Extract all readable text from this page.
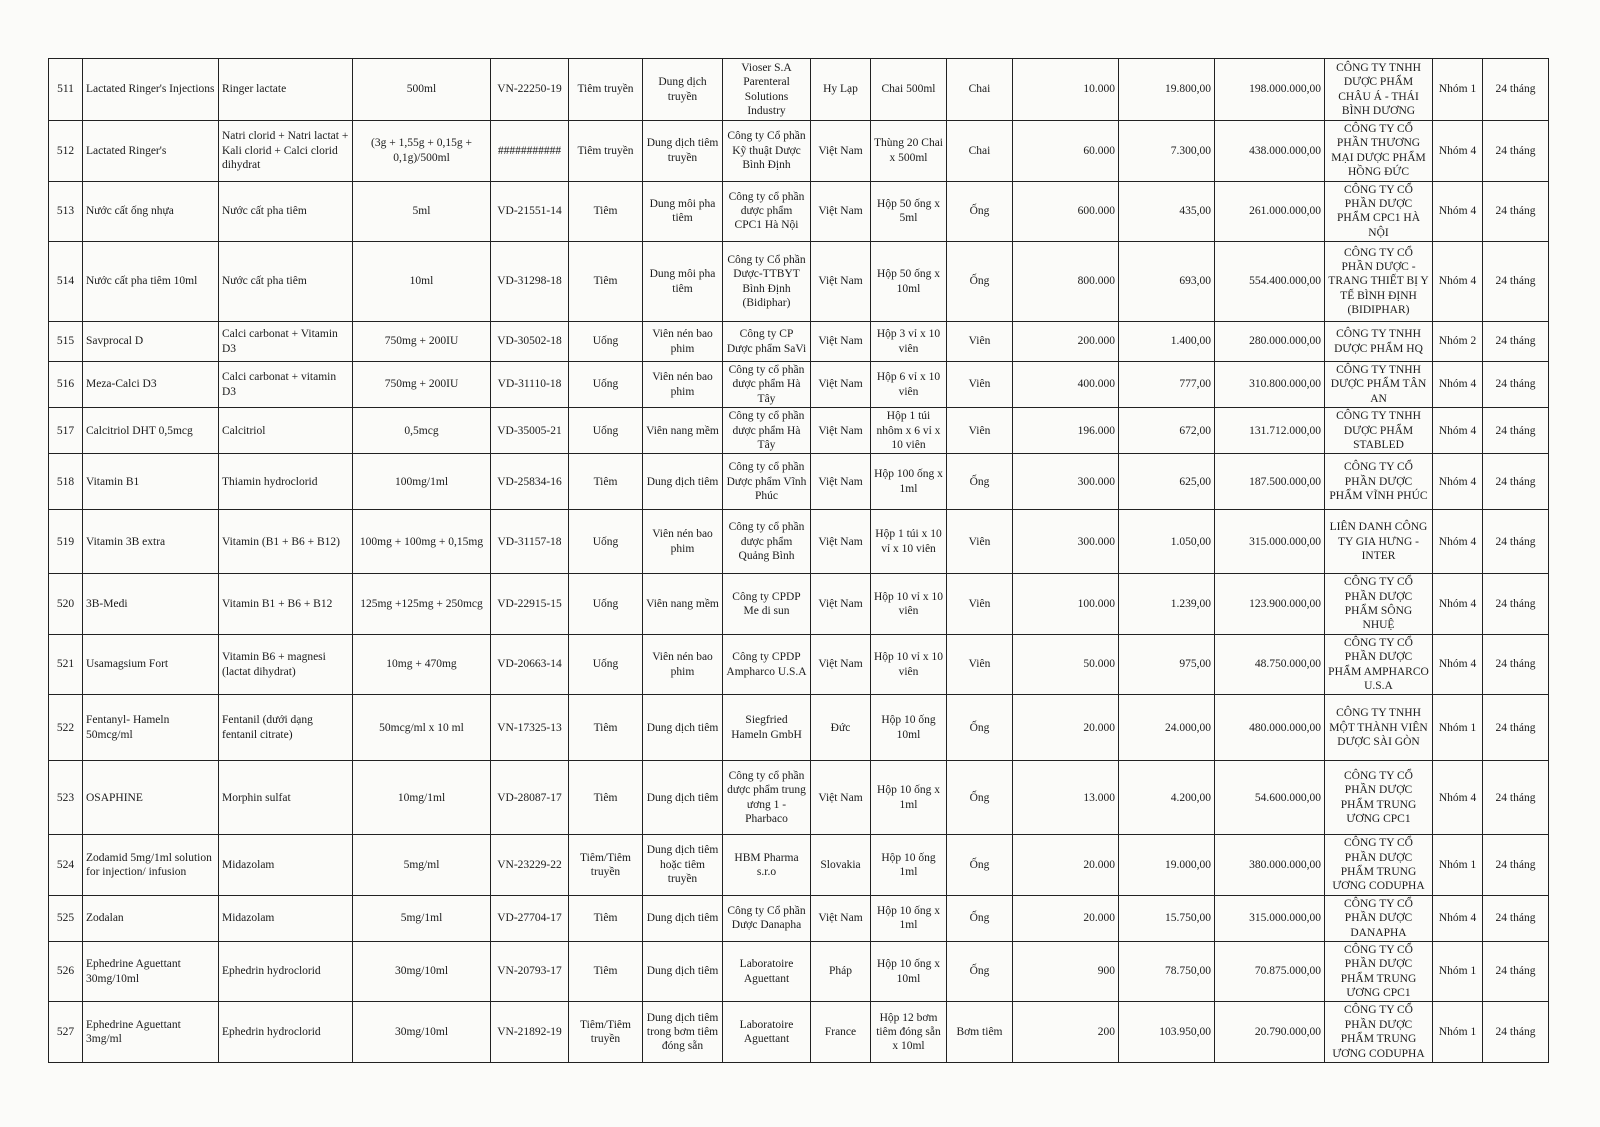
511	Lactated Ringer's Injections	Ringer lactate	500ml	VN-22250-19	Tiêm truyền	Dung dịch truyền	Vioser S.A Parenteral Solutions Industry	Hy Lạp	Chai 500ml	Chai	10.000	19.800,00	198.000.000,00	CÔNG TY TNHH DƯỢC PHẨM CHÂU Á - THÁI BÌNH DƯƠNG	Nhóm 1	24 tháng
512	Lactated Ringer's	Natri clorid + Natri lactat + Kali clorid + Calci clorid dihydrat	(3g + 1,55g + 0,15g + 0,1g)/500ml	###########	Tiêm truyền	Dung dịch tiêm truyền	Công ty Cổ phần Kỹ thuật Dược Bình Định	Việt Nam	Thùng 20 Chai x 500ml	Chai	60.000	7.300,00	438.000.000,00	CÔNG TY CỔ PHẦN THƯƠNG MẠI DƯỢC PHẨM HỒNG ĐỨC	Nhóm 4	24 tháng
513	Nước cất ống nhựa	Nước cất pha tiêm	5ml	VD-21551-14	Tiêm	Dung môi pha tiêm	Công ty cổ phần dược phẩm CPC1 Hà Nội	Việt Nam	Hộp 50 ống x 5ml	Ống	600.000	435,00	261.000.000,00	CÔNG TY CỔ PHẦN DƯỢC PHẨM CPC1 HÀ NỘI	Nhóm 4	24 tháng
514	Nước cất pha tiêm 10ml	Nước cất pha tiêm	10ml	VD-31298-18	Tiêm	Dung môi pha tiêm	Công ty Cổ phần Dược-TTBYT Bình Định (Bidiphar)	Việt Nam	Hộp 50 ống x 10ml	Ống	800.000	693,00	554.400.000,00	CÔNG TY CỔ PHẦN DƯỢC - TRANG THIẾT BỊ Y TẾ BÌNH ĐỊNH (BIDIPHAR)	Nhóm 4	24 tháng
515	Savprocal D	Calci carbonat + Vitamin D3	750mg + 200IU	VD-30502-18	Uống	Viên nén bao phim	Công ty CP Dược phẩm SaVi	Việt Nam	Hộp 3 vỉ x 10 viên	Viên	200.000	1.400,00	280.000.000,00	CÔNG TY TNHH DƯỢC PHẨM HQ	Nhóm 2	24 tháng
516	Meza-Calci D3	Calci carbonat + vitamin D3	750mg + 200IU	VD-31110-18	Uống	Viên nén bao phim	Công ty cổ phần dược phẩm Hà Tây	Việt Nam	Hộp 6 vỉ x 10 viên	Viên	400.000	777,00	310.800.000,00	CÔNG TY TNHH DƯỢC PHẨM TÂN AN	Nhóm 4	24 tháng
517	Calcitriol DHT 0,5mcg	Calcitriol	0,5mcg	VD-35005-21	Uống	Viên nang mềm	Công ty cổ phần dược phẩm Hà Tây	Việt Nam	Hộp 1 túi nhôm x 6 vỉ x 10 viên	Viên	196.000	672,00	131.712.000,00	CÔNG TY TNHH DƯỢC PHẨM STABLED	Nhóm 4	24 tháng
518	Vitamin B1	Thiamin hydroclorid	100mg/1ml	VD-25834-16	Tiêm	Dung dịch tiêm	Công ty cổ phần Dược phẩm Vĩnh Phúc	Việt Nam	Hộp 100 ống x 1ml	Ống	300.000	625,00	187.500.000,00	CÔNG TY CỔ PHẦN DƯỢC PHẨM VĨNH PHÚC	Nhóm 4	24 tháng
519	Vitamin 3B extra	Vitamin (B1 + B6 + B12)	100mg + 100mg + 0,15mg	VD-31157-18	Uống	Viên nén bao phim	Công ty cổ phần dược phẩm Quảng Bình	Việt Nam	Hộp 1 túi x 10 vỉ x 10 viên	Viên	300.000	1.050,00	315.000.000,00	LIÊN DANH CÔNG TY GIA HƯNG - INTER	Nhóm 4	24 tháng
520	3B-Medi	Vitamin B1 + B6 + B12	125mg +125mg + 250mcg	VD-22915-15	Uống	Viên nang mềm	Công ty CPDP Me di sun	Việt Nam	Hộp 10 vỉ x 10 viên	Viên	100.000	1.239,00	123.900.000,00	CÔNG TY CỔ PHẦN DƯỢC PHẨM SÔNG NHUỆ	Nhóm 4	24 tháng
521	Usamagsium Fort	Vitamin B6 + magnesi (lactat dihydrat)	10mg + 470mg	VD-20663-14	Uống	Viên nén bao phim	Công ty CPDP Ampharco U.S.A	Việt Nam	Hộp 10 vỉ x 10 viên	Viên	50.000	975,00	48.750.000,00	CÔNG TY CỔ PHẦN DƯỢC PHẨM AMPHARCO U.S.A	Nhóm 4	24 tháng
522	Fentanyl- Hameln 50mcg/ml	Fentanil (dưới dạng fentanil citrate)	50mcg/ml x 10 ml	VN-17325-13	Tiêm	Dung dịch tiêm	Siegfried Hameln GmbH	Đức	Hộp 10 ống 10ml	Ống	20.000	24.000,00	480.000.000,00	CÔNG TY TNHH MỘT THÀNH VIÊN DƯỢC SÀI GÒN	Nhóm 1	24 tháng
523	OSAPHINE	Morphin sulfat	10mg/1ml	VD-28087-17	Tiêm	Dung dịch tiêm	Công ty cổ phần dược phẩm trung ương 1 - Pharbaco	Việt Nam	Hộp 10 ống x 1ml	Ống	13.000	4.200,00	54.600.000,00	CÔNG TY CỔ PHẦN DƯỢC PHẨM TRUNG ƯƠNG CPC1	Nhóm 4	24 tháng
524	Zodamid 5mg/1ml solution for injection/ infusion	Midazolam	5mg/ml	VN-23229-22	Tiêm/Tiêm truyền	Dung dịch tiêm hoặc tiêm truyền	HBM Pharma s.r.o	Slovakia	Hộp 10 ống 1ml	Ống	20.000	19.000,00	380.000.000,00	CÔNG TY CỔ PHẦN DƯỢC PHẨM TRUNG ƯƠNG CODUPHA	Nhóm 1	24 tháng
525	Zodalan	Midazolam	5mg/1ml	VD-27704-17	Tiêm	Dung dịch tiêm	Công ty Cổ phần Dược Danapha	Việt Nam	Hộp 10 ống x 1ml	Ống	20.000	15.750,00	315.000.000,00	CÔNG TY CỔ PHẦN DƯỢC DANAPHA	Nhóm 4	24 tháng
526	Ephedrine Aguettant 30mg/10ml	Ephedrin hydroclorid	30mg/10ml	VN-20793-17	Tiêm	Dung dịch tiêm	Laboratoire Aguettant	Pháp	Hộp 10 ống x 10ml	Ống	900	78.750,00	70.875.000,00	CÔNG TY CỔ PHẦN DƯỢC PHẨM TRUNG ƯƠNG CPC1	Nhóm 1	24 tháng
527	Ephedrine Aguettant 3mg/ml	Ephedrin hydroclorid	30mg/10ml	VN-21892-19	Tiêm/Tiêm truyền	Dung dịch tiêm trong bơm tiêm đóng sẵn	Laboratoire Aguettant	France	Hộp 12 bơm tiêm đóng sẵn x 10ml	Bơm tiêm	200	103.950,00	20.790.000,00	CÔNG TY CỔ PHẦN DƯỢC PHẨM TRUNG ƯƠNG CODUPHA	Nhóm 1	24 tháng
